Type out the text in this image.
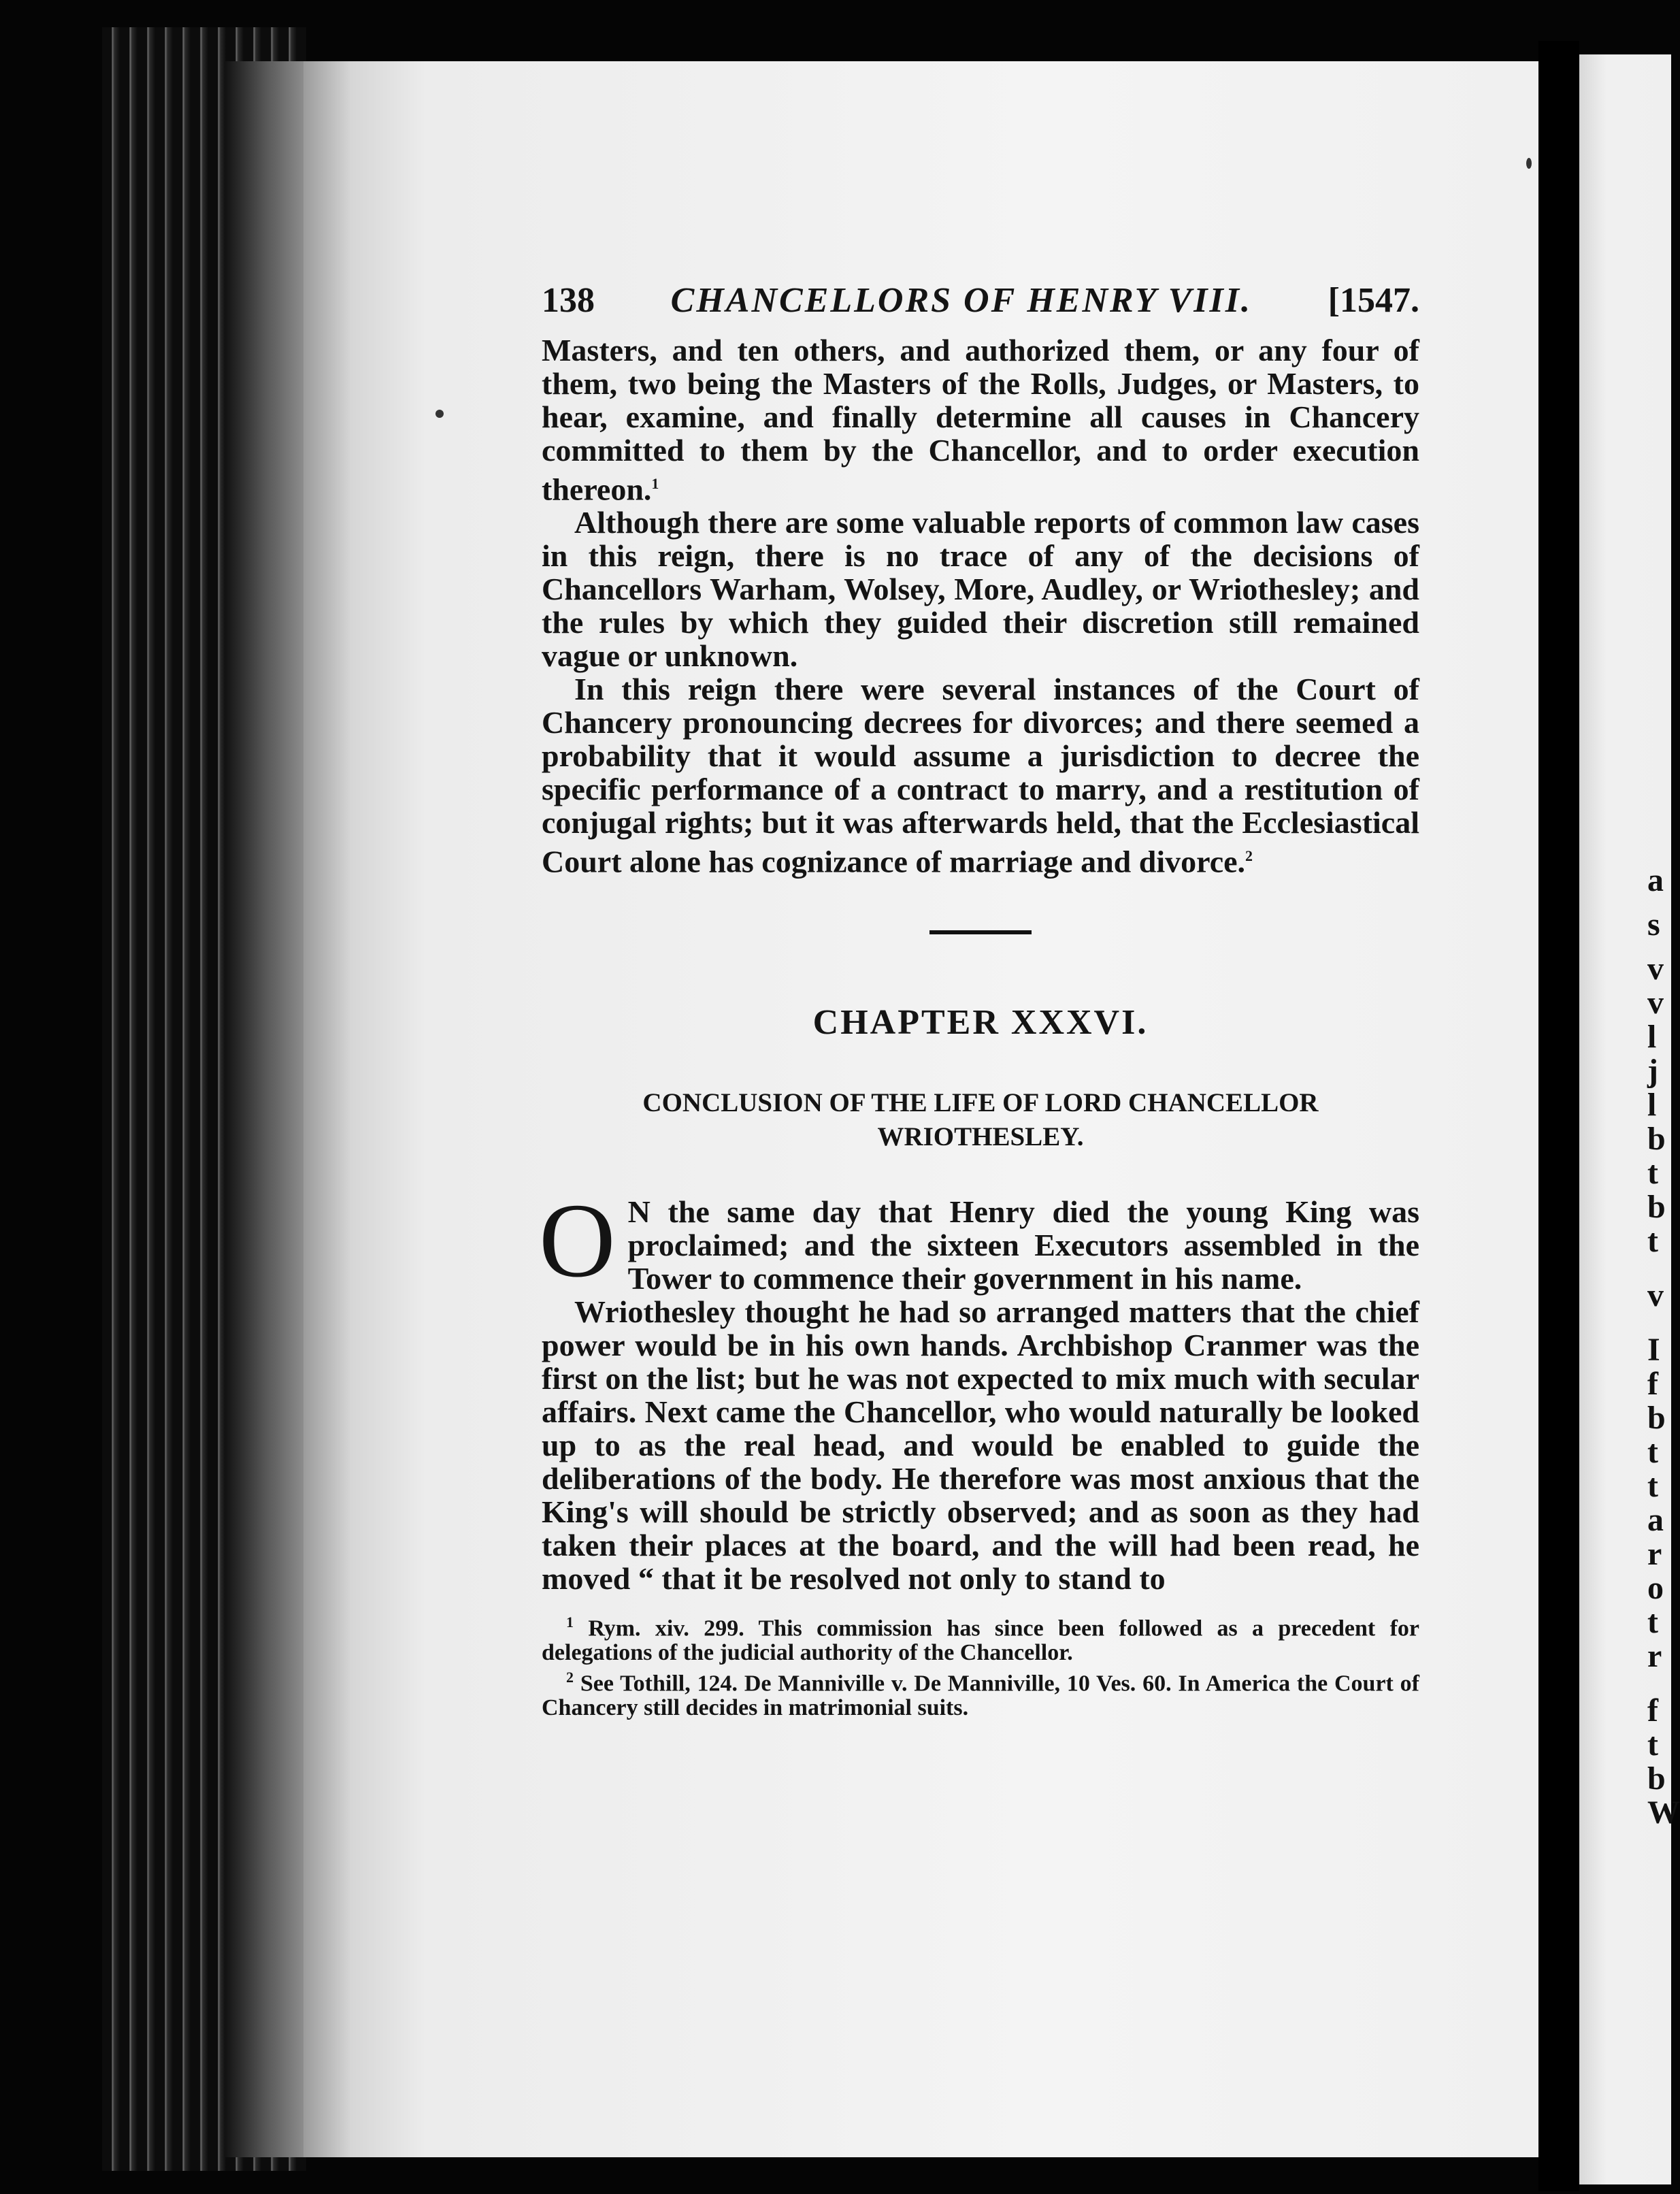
a
s
v
v
l
j
l
b
t
b
t
v
I
f
b
t
t
a
r
o
t
r
f
t
b
W
138 CHANCELLORS OF HENRY VIII. [1547.

Masters, and ten others, and authorized them, or any four of them, two being the Masters of the Rolls, Judges, or Masters, to hear, examine, and finally determine all causes in Chancery committed to them by the Chancellor, and to order execution thereon.$^1$

Although there are some valuable reports of common law cases in this reign, there is no trace of any of the decisions of Chancellors Warham, Wolsey, More, Audley, or Wriothesley; and the rules by which they guided their discretion still remained vague or unknown.

In this reign there were several instances of the Court of Chancery pronouncing decrees for divorces; and there seemed a probability that it would assume a jurisdiction to decree the specific performance of a contract to marry, and a restitution of conjugal rights; but it was afterwards held, that the Ecclesiastical Court alone has cognizance of marriage and divorce.$^2$

CHAPTER XXXVI.
CONCLUSION OF THE LIFE OF LORD CHANCELLOR WRIOTHESLEY.

O N the same day that Henry died the young King was proclaimed; and the sixteen Executors assembled in the Tower to commence their government in his name.

Wriothesley thought he had so arranged matters that the chief power would be in his own hands. Archbishop Cranmer was the first on the list; but he was not expected to mix much with secular affairs. Next came the Chancellor, who would naturally be looked up to as the real head, and would be enabled to guide the deliberations of the body. He therefore was most anxious that the King's will should be strictly observed; and as soon as they had taken their places at the board, and the will had been read, he moved “ that it be resolved not only to stand to

$^1$ Rym. xiv. 299. This commission has since been followed as a precedent for delegations of the judicial authority of the Chancellor.

$^2$ See Tothill, 124. De Manniville v. De Manniville, 10 Ves. 60. In America the Court of Chancery still decides in matrimonial suits.
